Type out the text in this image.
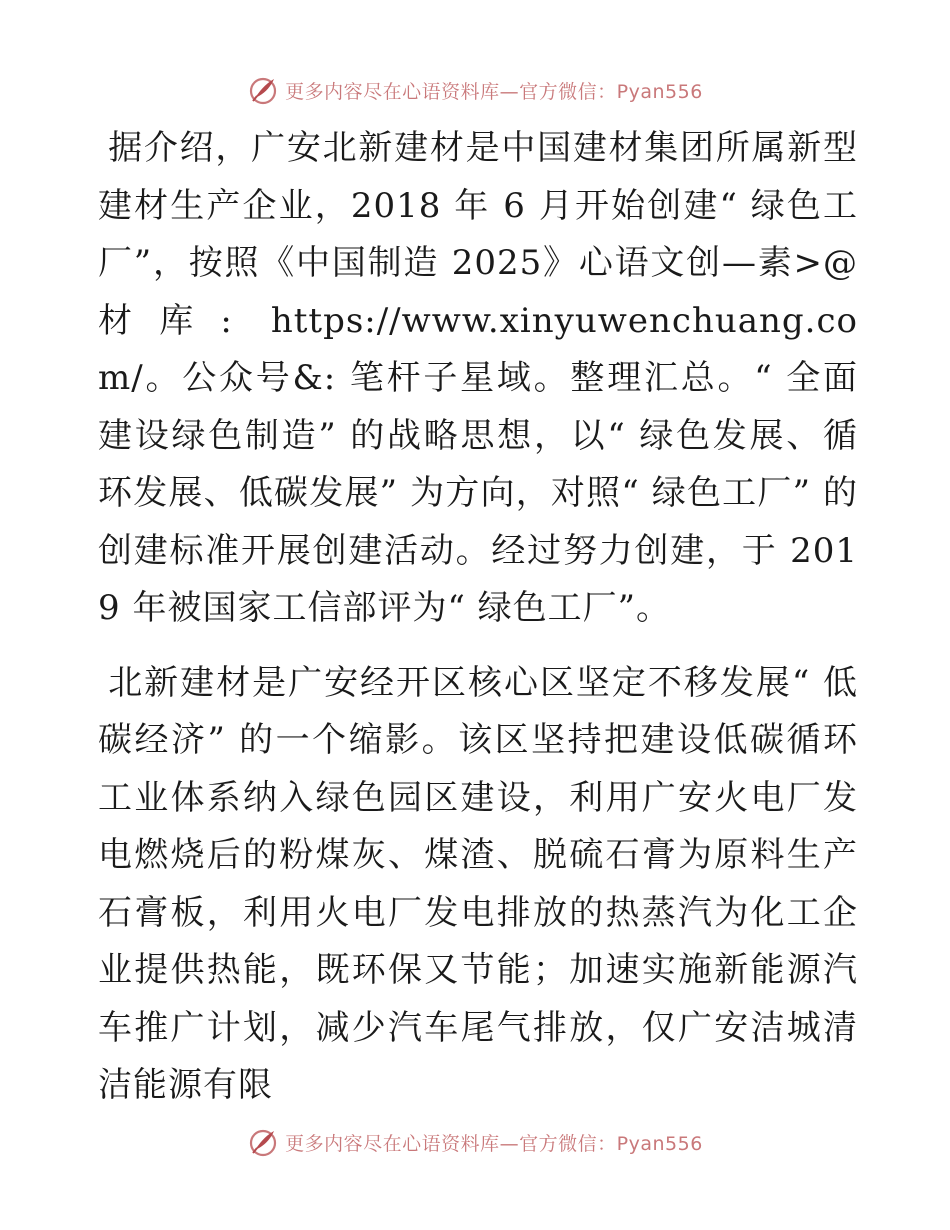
更多内容尽在心语资料库—官方微信：Pyan556

据介绍，广安北新建材是中国建材集团所属新型建材生产企业，2018 年 6 月开始创建“ 绿色工厂”，按照《中国制造 2025》心语文创—素>@材库: https://www.xinyuwenchuang.com/。公众号&: 笔杆子星域。整理汇总。“ 全面建设绿色制造” 的战略思想，以“ 绿色发展、循环发展、低碳发展” 为方向，对照“ 绿色工厂” 的创建标准开展创建活动。经过努力创建，于 2019 年被国家工信部评为“ 绿色工厂”。

北新建材是广安经开区核心区坚定不移发展“ 低碳经济” 的一个缩影。该区坚持把建设低碳循环工业体系纳入绿色园区建设，利用广安火电厂发电燃烧后的粉煤灰、煤渣、脱硫石膏为原料生产石膏板，利用火电厂发电排放的热蒸汽为化工企业提供热能，既环保又节能；加速实施新能源汽车推广计划，减少汽车尾气排放，仅广安洁城清洁能源有限

更多内容尽在心语资料库—官方微信：Pyan556
